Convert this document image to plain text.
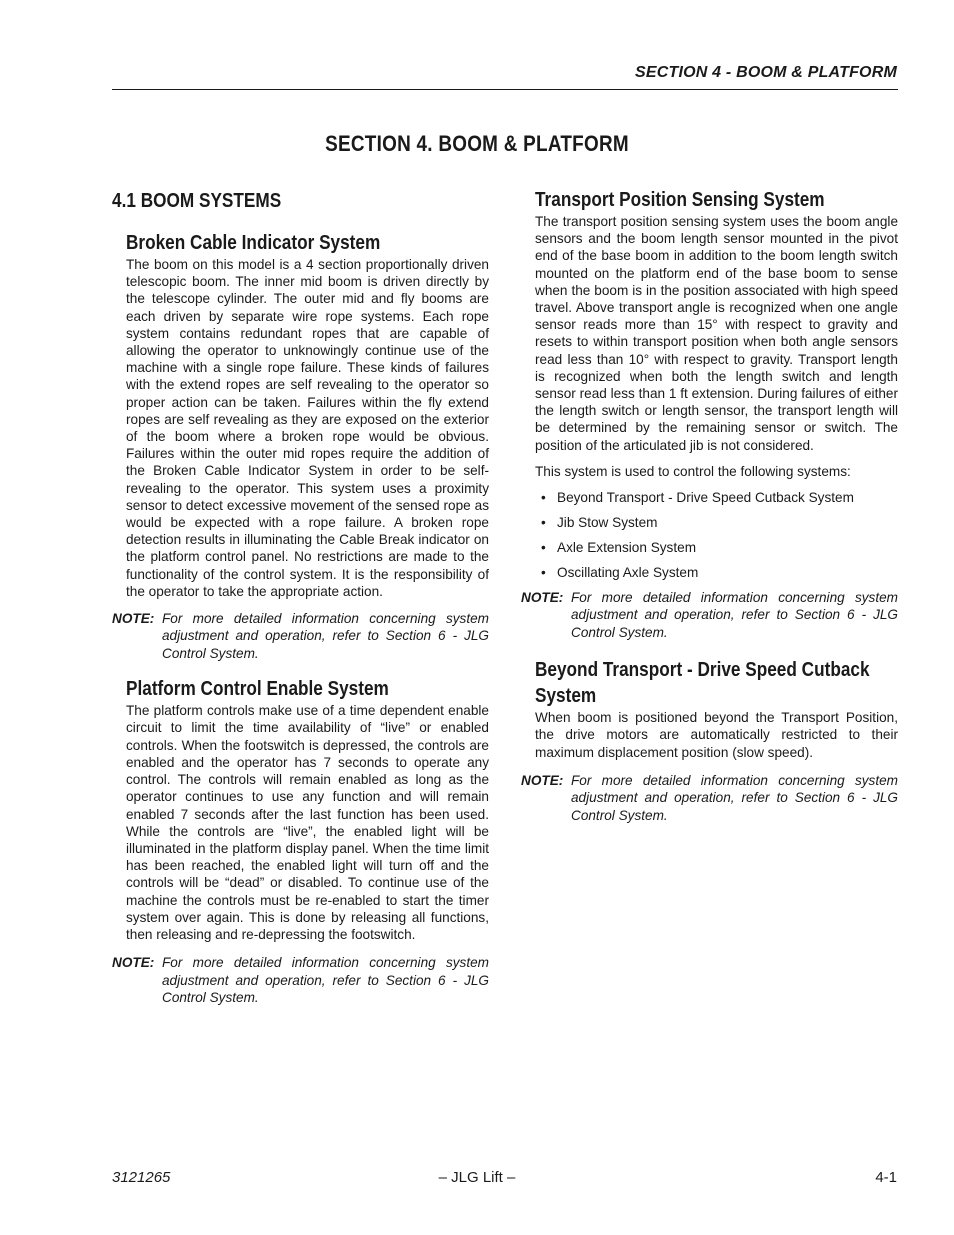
SECTION 4 - BOOM & PLATFORM
SECTION 4. BOOM & PLATFORM
4.1 BOOM SYSTEMS
Broken Cable Indicator System

The boom on this model is a 4 section proportionally driven telescopic boom. The inner mid boom is driven directly by the telescope cylinder. The outer mid and fly booms are each driven by separate wire rope systems. Each rope system contains redundant ropes that are capable of allowing the operator to unknowingly continue use of the machine with a single rope failure. These kinds of failures with the extend ropes are self revealing to the operator so proper action can be taken. Failures within the fly extend ropes are self revealing as they are exposed on the exterior of the boom where a broken rope would be obvious. Failures within the outer mid ropes require the addition of the Broken Cable Indicator System in order to be self-revealing to the operator. This system uses a proximity sensor to detect excessive movement of the sensed rope as would be expected with a rope failure. A broken rope detection results in illuminating the Cable Break indicator on the platform control panel. No restrictions are made to the functionality of the control system. It is the responsibility of the operator to take the appropriate action.

NOTE: For more detailed information concerning system adjustment and operation, refer to Section 6 - JLG Control System.
Platform Control Enable System

The platform controls make use of a time dependent enable circuit to limit the time availability of “live” or enabled controls. When the footswitch is depressed, the controls are enabled and the operator has 7 seconds to operate any control. The controls will remain enabled as long as the operator continues to use any function and will remain enabled 7 seconds after the last function has been used. While the controls are “live”, the enabled light will be illuminated in the platform display panel. When the time limit has been reached, the enabled light will turn off and the controls will be “dead” or disabled. To continue use of the machine the controls must be re-enabled to start the timer system over again. This is done by releasing all functions, then releasing and re-depressing the footswitch.

NOTE: For more detailed information concerning system adjustment and operation, refer to Section 6 - JLG Control System.
Transport Position Sensing System

The transport position sensing system uses the boom angle sensors and the boom length sensor mounted in the pivot end of the base boom in addition to the boom length switch mounted on the platform end of the base boom to sense when the boom is in the position associated with high speed travel. Above transport angle is recognized when one angle sensor reads more than 15° with respect to gravity and resets to within transport position when both angle sensors read less than 10° with respect to gravity. Transport length is recognized when both the length switch and length sensor read less than 1 ft extension. During failures of either the length switch or length sensor, the transport length will be determined by the remaining sensor or switch. The position of the articulated jib is not considered.

This system is used to control the following systems:

• Beyond Transport - Drive Speed Cutback System
• Jib Stow System
• Axle Extension System
• Oscillating Axle System
NOTE: For more detailed information concerning system adjustment and operation, refer to Section 6 - JLG Control System.
Beyond Transport - Drive Speed Cutback
System

When boom is positioned beyond the Transport Position, the drive motors are automatically restricted to their maximum displacement position (slow speed).

NOTE: For more detailed information concerning system adjustment and operation, refer to Section 6 - JLG Control System.
3121265	– JLG Lift –	4-1
